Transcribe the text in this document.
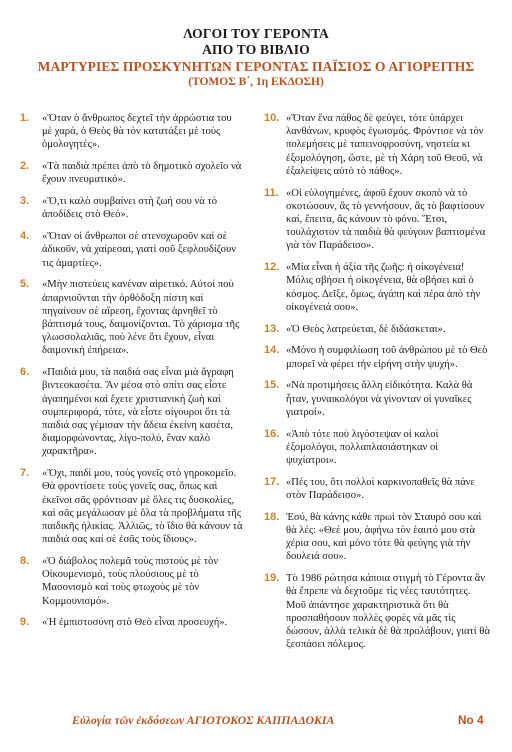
ΛΟΓΟΙ ΤΟΥ ΓΕΡΟΝΤΑ
ΑΠΟ ΤΟ ΒΙΒΛΙΟ
ΜΑΡΤΥΡΙΕΣ ΠΡΟΣΚΥΝΗΤΩΝ ΓΕΡΟΝΤΑΣ ΠΑΪΣΙΟΣ Ο ΑΓΙΟΡΕΙΤΗΣ
(ΤΟΜΟΣ Β΄, 1η ΕΚΔΟΣΗ)
1.	«Ὅταν ὁ ἄνθρωπος δεχτεῖ τὴν ἀρρώστια του μὲ χαρά, ὁ Θεὸς θὰ τὸν κατατάξει μὲ τοὺς ὁμολογητές».
2.	«Τὰ παιδιὰ πρέπει ἀπὸ τὸ δημοτικὸ σχολεῖο νὰ ἔχουν πνευματικό».
3.	«Ὅ,τι καλὸ συμβαίνει στὴ ζωή σου νὰ τὸ ἀποδίδεις στὸ Θεό».
4.	«Ὅταν οἱ ἄνθρωποι σὲ στενοχωροῦν καί σὲ ἀδικοῦν, νὰ χαίρεσαι, γιατί σοῦ ξεφλουδίζουν τις ἁμαρτίες».
5.	«Μὴν πιστεύεις κανέναν αἱρετικό. Αὐτοί ποὺ ἀπαρνιοῦνται τὴν ὀρθόδοξη πίστη καί πηγαίνουν σὲ αἵρεση, ἔχοντας ἀρνηθεῖ τὸ βάπτισμά τους, δαιμονίζονται. Τὸ χάρισμα τῆς γλωσσολαλιᾶς, ποὺ λένε ὅτι ἔχουν, εἶναι δαιμονικὴ ἐπήρεια».
6.	«Παιδιά μου, τὰ παιδιά σας εἶναι μιὰ ἄγραφη βιντεοκασέτα. Ἂν μέσα στὸ σπίτι σας εἶστε ἀγαπημένοι καὶ ἔχετε χριστιανική ζωὴ καὶ συμπεριφορά, τότε, νὰ εἶστε σίγουροι ὅτι τὰ παιδιά σας γέμισαν τὴν ἄδεια ἐκείνη κασέτα, διαμορφώνοντας, λίγο-πολύ, ἕναν καλὸ χαρακτῆρα».
7.	«Ὄχι, παιδί μου, τοὺς γονεῖς στὸ γηροκομεῖο. Θὰ φροντίσετε τοὺς γονεῖς σας, ὅπως καὶ ἐκεῖνοι σᾶς φρόντισαν μὲ ὅλες τις δυσκολίες, καὶ σᾶς μεγάλωσαν μὲ ὅλα τὰ προβλήματα τῆς παιδικῆς ἡλικίας. Ἀλλιῶς, τὸ ἴδιο θὰ κάνουν τὰ παιδιά σας καί σὲ ἐσᾶς τοὺς ἴδιους».
8.	«Ὁ διάβολος πολεμᾶ τοὺς πιστοὺς μὲ τὸν Οἰκουμενισμό, τοὺς πλούσιους μὲ τὸ Μασονισμὸ καὶ τοὺς φτωχοὺς μὲ τὸν Κομμουνισμό».
9.	«Ἡ ἐμπιστοσύνη στὸ Θεὸ εἶναι προσευχή».
10. «Ὅταν ἕνα πάθος δὲ φεύγει, τότε ὑπάρχει λανθάνων, κρυφὸς ἐγωισμός. Φρόντισε νὰ τὸν πολεμήσεις μὲ ταπεινοφροσύνη, νηστεία κι ἐξομολόγηση, ὥστε, μὲ τὴ Χάρη τοῦ Θεοῦ, νὰ ἐξαλείψεις αὐτὸ τὸ πάθος».
11. «Οἱ εὐλογημένες, ἀφοῦ ἔχουν σκοπὸ νὰ τὸ σκοτώσουν, ἂς τὸ γεννήσουν, ἂς τὸ βαφτίσουν καί, ἔπειτα, ἂς κάνουν τὸ φόνο. Ἔτσι, τουλάχιστον τὰ παιδιὰ θὰ φεύγουν βαπτισμένα γιὰ τὸν Παράδεισο».
12. «Μία εἶναι ἡ ἀξία τῆς ζωῆς: ἡ οἰκογένεια! Μόλις σβήσει ἡ οἰκογένεια, θὰ σβήσει καὶ ὁ κόσμος. Δεῖξε, ὅμως, ἀγάπη καὶ πέρα ἀπὸ τὴν οἰκογένειά σου».
13. «Ὁ Θεὸς λατρεύεται, δὲ διδάσκεται».
14. «Μόνο ἡ συμφιλίωση τοῦ ἀνθρώπου μὲ τὸ Θεὸ μπορεῖ νὰ φέρει τὴν εἰρήνη στὴν ψυχή».
15. «Νὰ προτιμήσεις ἄλλη εἰδικότητα. Καλὰ θὰ ἦταν, γυναικολόγοι νὰ γίνονταν οἱ γυναῖκες γιατροί».
16. «Ἀπὸ τότε ποὺ λιγόστεψαν οἱ καλοὶ ἐξομολόγοι, πολλαπλασιάστηκαν οἱ ψυχίατροι».
17. «Πές του, ὅτι πολλοὶ καρκινοπαθεῖς θὰ πάνε στὸν Παράδεισο».
18. Ἐσύ, θὰ κάνης κάθε πρωὶ τὸν Σταυρό σου καὶ θὰ λές: «Θεέ μου, ἀφήνω τὸν ἑαυτό μου στὰ χέρια σου, καὶ μόνο τότε θὰ φεύγης γιὰ τὴν δουλειά σου».
19. Τὸ 1986 ρώτησα κάποια στιγμὴ τὸ Γέροντα ἂν θὰ ἔπρεπε νὰ δεχτοῦμε τὶς νέες ταυτότητες. Μοῦ ἀπάντησε χαρακτηριστικὰ ὅτι θὰ προσπαθήσουν πολλὲς φορὲς νὰ μᾶς τὶς δώσουν, ἀλλὰ τελικὰ δὲ θὰ προλάβουν, γιατί θὰ ξεσπάσει πόλεμος.
Εὐλογία τῶν ἐκδόσεων ΑΓΙΟΤΟΚΟΣ ΚΑΠΠΑΔΟΚΙΑ	Νο 4
